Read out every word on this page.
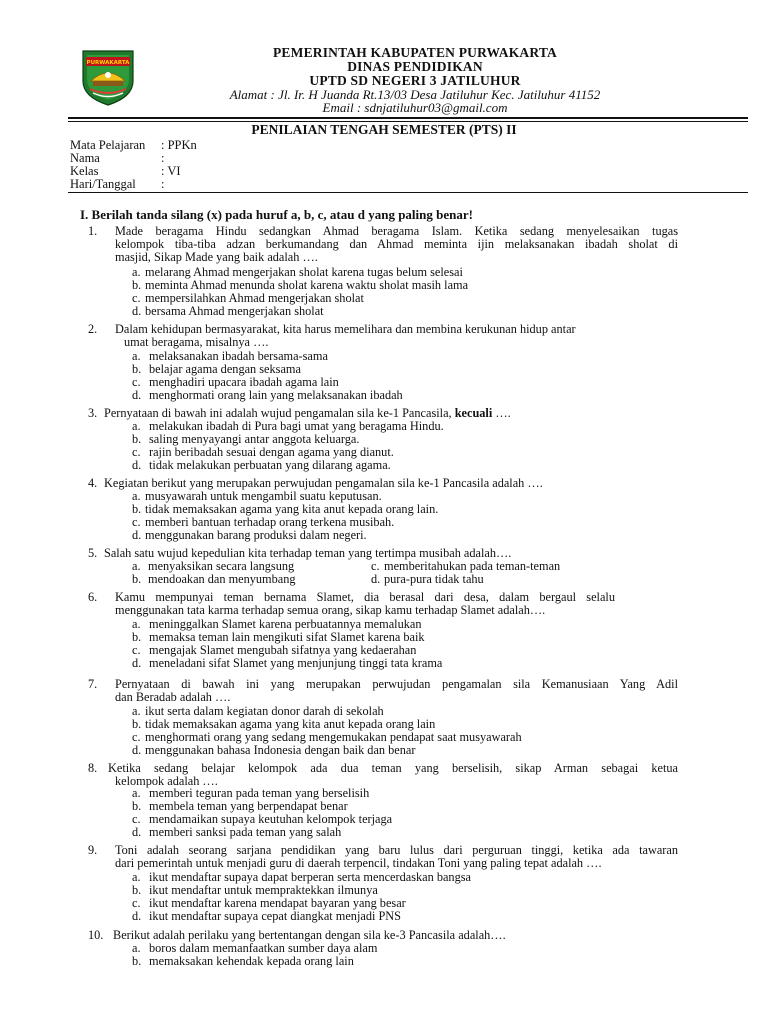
PURWAKARTA
PEMERINTAH KABUPATEN PURWAKARTA
DINAS PENDIDIKAN
UPTD SD NEGERI 3 JATILUHUR
Alamat : Jl. Ir. H Juanda Rt.13/03 Desa Jatiluhur Kec. Jatiluhur 41152
Email : sdnjatiluhur03@gmail.com
PENILAIAN TENGAH SEMESTER (PTS) II
Mata Pelajaran : PPKn
Nama	:
Kelas	: VI
Hari/Tanggal :
I. Berilah tanda silang (x) pada huruf a, b, c, atau d yang paling benar!
1. Made beragama Hindu sedangkan Ahmad beragama Islam. Ketika sedang menyelesaikan tugas
kelompok tiba-tiba adzan berkumandang dan Ahmad meminta ijin melaksanakan ibadah sholat di
masjid, Sikap Made yang baik adalah ….
a. melarang Ahmad mengerjakan sholat karena tugas belum selesai
b. meminta Ahmad menunda sholat karena waktu sholat masih lama
c. mempersilahkan Ahmad mengerjakan sholat
d. bersama Ahmad mengerjakan sholat
2. Dalam kehidupan bermasyarakat, kita harus memelihara dan membina kerukunan hidup antar
umat beragama, misalnya ….
a. melaksanakan ibadah bersama-sama
b. belajar agama dengan seksama
c. menghadiri upacara ibadah agama lain
d. menghormati orang lain yang melaksanakan ibadah
3. Pernyataan di bawah ini adalah wujud pengamalan sila ke-1 Pancasila, kecuali ….
a. melakukan ibadah di Pura bagi umat yang beragama Hindu.
b. saling menyayangi antar anggota keluarga.
c. rajin beribadah sesuai dengan agama yang dianut.
d. tidak melakukan perbuatan yang dilarang agama.
4. Kegiatan berikut yang merupakan perwujudan pengamalan sila ke-1 Pancasila adalah ….
a. musyawarah untuk mengambil suatu keputusan.
b. tidak memaksakan agama yang kita anut kepada orang lain.
c. memberi bantuan terhadap orang terkena musibah.
d. menggunakan barang produksi dalam negeri.
5. Salah satu wujud kepedulian kita terhadap teman yang tertimpa musibah adalah….
a. menyaksikan secara langsung
b. mendoakan dan menyumbang
c. memberitahukan pada teman-teman
d. pura-pura tidak tahu
6. Kamu mempunyai teman bernama Slamet, dia berasal dari desa, dalam bergaul selalu
menggunakan tata karma terhadap semua orang, sikap kamu terhadap Slamet adalah….
a. meninggalkan Slamet karena perbuatannya memalukan
b. memaksa teman lain mengikuti sifat Slamet karena baik
c. mengajak Slamet mengubah sifatnya yang kedaerahan
d. meneladani sifat Slamet yang menjunjung tinggi tata krama
7. Pernyataan di bawah ini yang merupakan perwujudan pengamalan sila Kemanusiaan Yang Adil
dan Beradab adalah ….
a. ikut serta dalam kegiatan donor darah di sekolah
b. tidak memaksakan agama yang kita anut kepada orang lain
c. menghormati orang yang sedang mengemukakan pendapat saat musyawarah
d. menggunakan bahasa Indonesia dengan baik dan benar
8. Ketika sedang belajar kelompok ada dua teman yang berselisih, sikap Arman sebagai ketua
kelompok adalah ….
a. memberi teguran pada teman yang berselisih
b. membela teman yang berpendapat benar
c. mendamaikan supaya keutuhan kelompok terjaga
d. memberi sanksi pada teman yang salah
9. Toni adalah seorang sarjana pendidikan yang baru lulus dari perguruan tinggi, ketika ada tawaran
dari pemerintah untuk menjadi guru di daerah terpencil, tindakan Toni yang paling tepat adalah ….
a. ikut mendaftar supaya dapat berperan serta mencerdaskan bangsa
b. ikut mendaftar untuk mempraktekkan ilmunya
c. ikut mendaftar karena mendapat bayaran yang besar
d. ikut mendaftar supaya cepat diangkat menjadi PNS
10. Berikut adalah perilaku yang bertentangan dengan sila ke-3 Pancasila adalah….
a. boros dalam memanfaatkan sumber daya alam
b. memaksakan kehendak kepada orang lain
